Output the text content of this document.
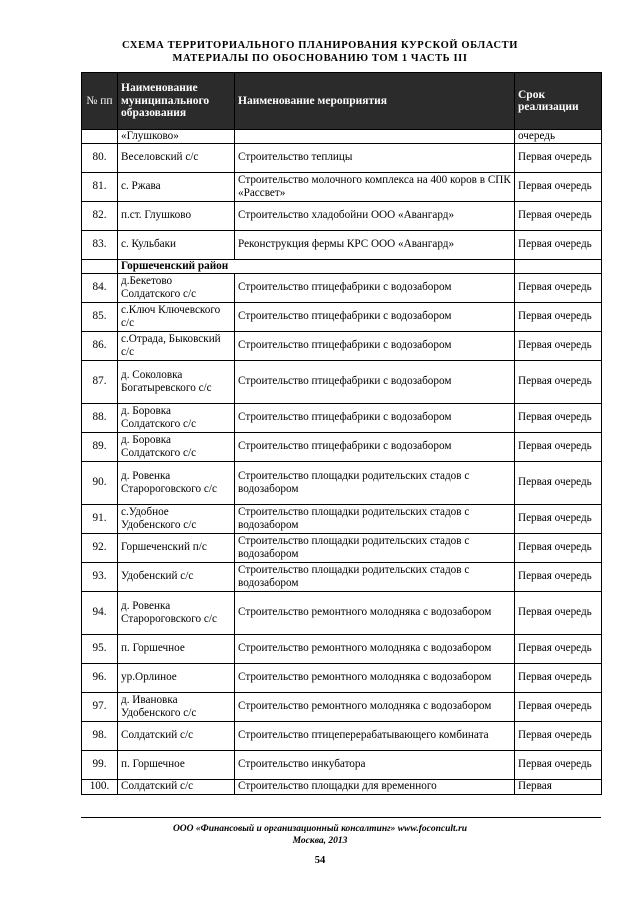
СХЕМА ТЕРРИТОРИАЛЬНОГО ПЛАНИРОВАНИЯ КУРСКОЙ ОБЛАСТИ
МАТЕРИАЛЫ ПО ОБОСНОВАНИЮ ТОМ 1 ЧАСТЬ III
№ пп	Наименование муниципального образования	Наименование мероприятия	Срок реализации
	«Глушково»		очередь
80.	Веселовский с/с	Строительство теплицы	Первая очередь
81.	с. Ржава	Строительство молочного комплекса на 400 коров в СПК «Рассвет»	Первая очередь
82.	п.ст. Глушково	Строительство хладобойни ООО «Авангард»	Первая очередь
83.	с. Кульбаки	Реконструкция фермы КРС ООО «Авангард»	Первая очередь
	Горшеченский район		
84.	д.Бекетово Солдатского с/с	Строительство птицефабрики с водозабором	Первая очередь
85.	с.Ключ Ключевского с/с	Строительство птицефабрики с водозабором	Первая очередь
86.	с.Отрада, Быковский с/с	Строительство птицефабрики с водозабором	Первая очередь
87.	д. Соколовка Богатыревского с/с	Строительство птицефабрики с водозабором	Первая очередь
88.	д. Боровка Солдатского с/с	Строительство птицефабрики с водозабором	Первая очередь
89.	д. Боровка Солдатского с/с	Строительство птицефабрики с водозабором	Первая очередь
90.	д. Ровенка Старороговского с/с	Строительство площадки родительских стадов с водозабором	Первая очередь
91.	с.Удобное Удобенского с/с	Строительство площадки родительских стадов с водозабором	Первая очередь
92.	Горшеченский п/с	Строительство площадки родительских стадов с водозабором	Первая очередь
93.	Удобенский с/с	Строительство площадки родительских стадов с водозабором	Первая очередь
94.	д. Ровенка Старороговского с/с	Строительство ремонтного молодняка с водозабором	Первая очередь
95.	п. Горшечное	Строительство ремонтного молодняка с водозабором	Первая очередь
96.	ур.Орлиное	Строительство ремонтного молодняка с водозабором	Первая очередь
97.	д. Ивановка Удобенского с/с	Строительство ремонтного молодняка с водозабором	Первая очередь
98.	Солдатский с/с	Строительство птицеперерабатывающего комбината	Первая очередь
99.	п. Горшечное	Строительство инкубатора	Первая очередь
100.	Солдатский с/с	Строительство площадки для временного	Первая
ООО «Финансовый и организационный консалтинг» www.foconcult.ru
Москва, 2013
54
